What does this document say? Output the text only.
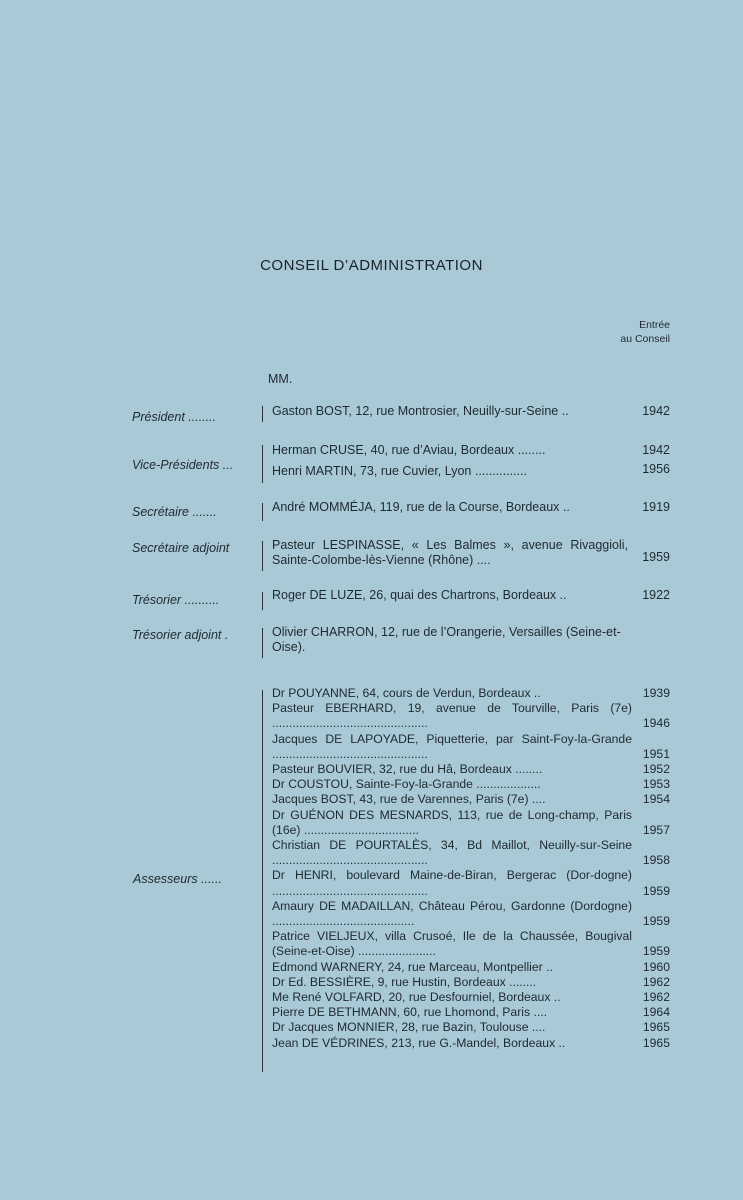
CONSEIL D’ADMINISTRATION
Entrée
au Conseil
MM.
Président ........	Gaston BOST, 12, rue Montrosier, Neuilly-sur-Seine ..	1942
Vice-Présidents ...
Herman CRUSE, 40, rue d’Aviau, Bordeaux ........	1942
Henri MARTIN, 73, rue Cuvier, Lyon ...............	1956
Secrétaire .......	André MOMMÉJA, 119, rue de la Course, Bordeaux ..	1919
Secrétaire adjoint	Pasteur LESPINASSE, « Les Balmes », avenue Rivaggioli, Sainte-Colombe-lès-Vienne (Rhône) ....	1959
Trésorier ..........	Roger DE LUZE, 26, quai des Chartrons, Bordeaux ..	1922
Trésorier adjoint .	Olivier CHARRON, 12, rue de l’Orangerie, Versailles (Seine-et-Oise).
Assesseurs ......
Dr POUYANNE, 64, cours de Verdun, Bordeaux ..	1939
Pasteur EBERHARD, 19, avenue de Tourville, Paris (7e) ..............................................	1946
Jacques DE LAPOYADE, Piquetterie, par Saint-Foy-la-Grande ..............................................	1951
Pasteur BOUVIER, 32, rue du Hâ, Bordeaux ........	1952
Dr COUSTOU, Sainte-Foy-la-Grande ...................	1953
Jacques BOST, 43, rue de Varennes, Paris (7e) ....	1954
Dr GUÉNON DES MESNARDS, 113, rue de Long-champ, Paris (16e) ..................................	1957
Christian DE POURTALÈS, 34, Bd Maillot, Neuilly-sur-Seine ..............................................	1958
Dr HENRI, boulevard Maine-de-Biran, Bergerac (Dor-dogne) ..............................................	1959
Amaury DE MADAILLAN, Château Pérou, Gardonne (Dordogne) ..........................................	1959
Patrice VIELJEUX, villa Crusoé, Ile de la Chaussée, Bougival (Seine-et-Oise) .......................	1959
Edmond WARNERY, 24, rue Marceau, Montpellier ..	1960
Dr Ed. BESSIÈRE, 9, rue Hustin, Bordeaux ........	1962
Me René VOLFARD, 20, rue Desfourniel, Bordeaux ..	1962
Pierre DE BETHMANN, 60, rue Lhomond, Paris ....	1964
Dr Jacques MONNIER, 28, rue Bazin, Toulouse ....	1965
Jean DE VÉDRINES, 213, rue G.-Mandel, Bordeaux ..	1965
